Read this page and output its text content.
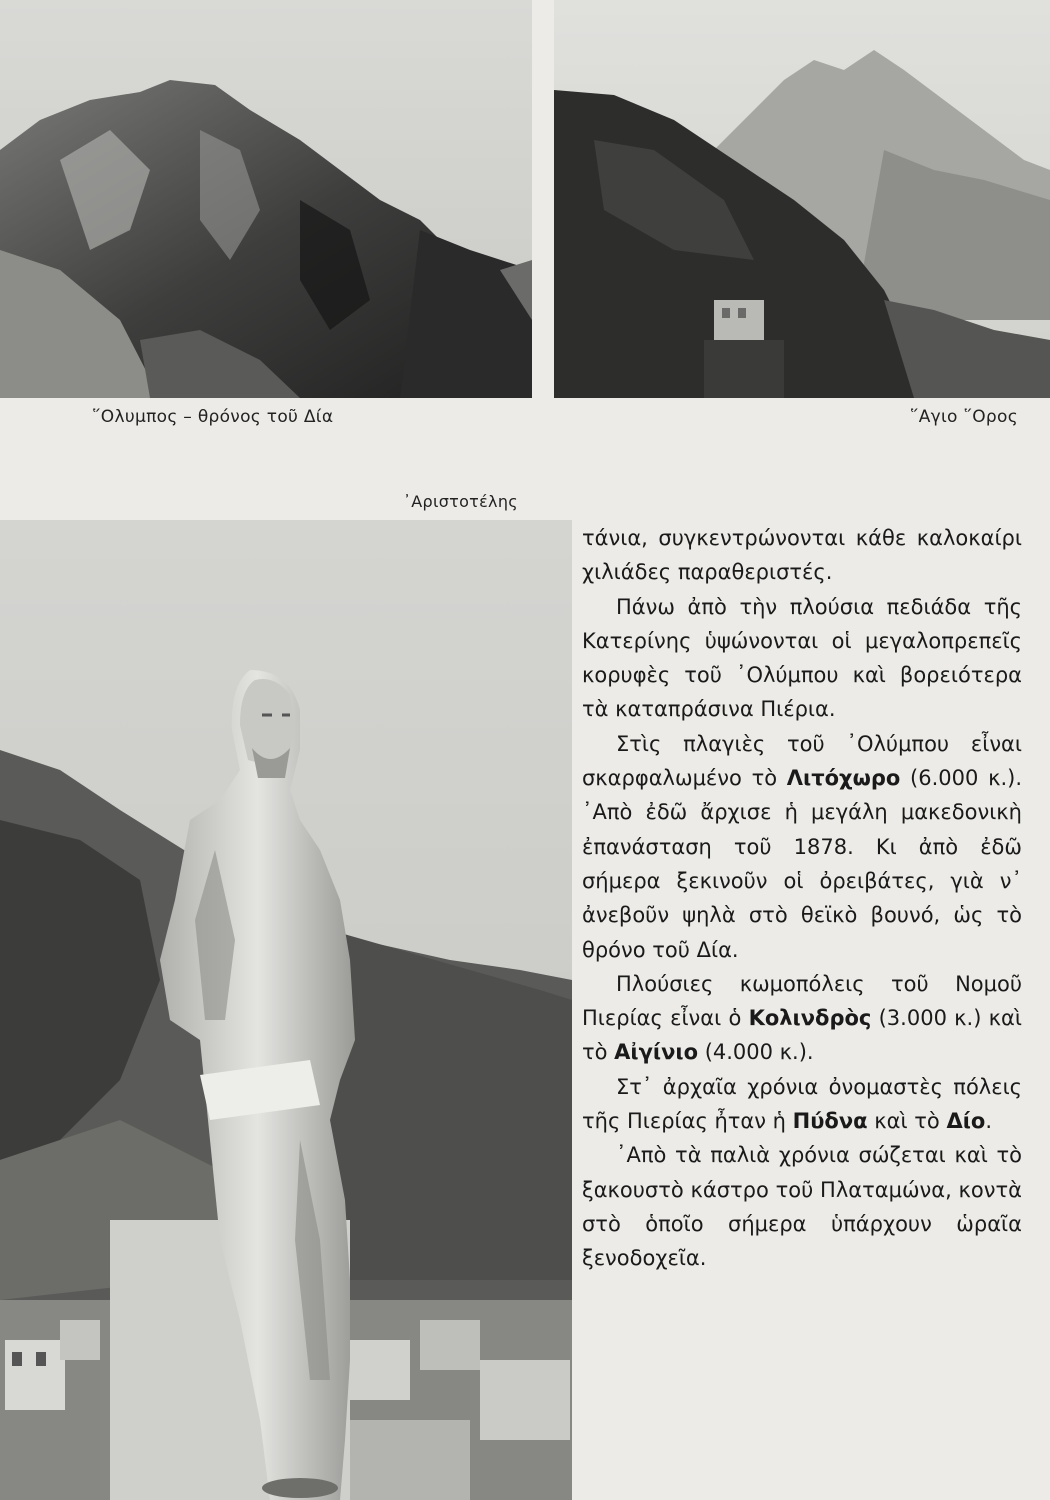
῞Ολυμπος – θρόνος τοῦ Δία	῞Αγιο ῞Ορος
᾿Αριστοτέλης

τάνια, συγκεντρώνονται κάθε καλοκαίρι χιλιάδες παραθεριστές.

Πάνω ἀπὸ τὴν πλούσια πεδιάδα τῆς Κατερίνης ὑψώνονται οἱ μεγαλοπρεπεῖς κορυφὲς τοῦ ᾿Ολύμπου καὶ βορειότερα τὰ καταπράσινα Πιέρια.

Στὶς πλαγιὲς τοῦ ᾿Ολύμπου εἶναι σκαρφαλωμένο τὸ Λιτόχωρο (6.000 κ.). ᾿Απὸ ἐδῶ ἄρχισε ἡ μεγάλη μακεδονικὴ ἐπανάσταση τοῦ 1878. Κι ἀπὸ ἐδῶ σήμερα ξεκινοῦν οἱ ὀρειβάτες, γιὰ ν᾿ ἀνεβοῦν ψηλὰ στὸ θεϊκὸ βουνό, ὡς τὸ θρόνο τοῦ Δία.

Πλούσιες κωμοπόλεις τοῦ Νομοῦ Πιερίας εἶναι ὁ Κολινδρὸς (3.000 κ.) καὶ τὸ Αἰγίνιο (4.000 κ.).

Στ᾿ ἀρχαῖα χρόνια ὀνομαστὲς πόλεις τῆς Πιερίας ἦταν ἡ Πύδνα καὶ τὸ Δίο.

᾿Απὸ τὰ παλιὰ χρόνια σώζεται καὶ τὸ ξακουστὸ κάστρο τοῦ Πλαταμώνα, κοντὰ στὸ ὁποῖο σήμερα ὑπάρχουν ὡραῖα ξενοδοχεῖα.
